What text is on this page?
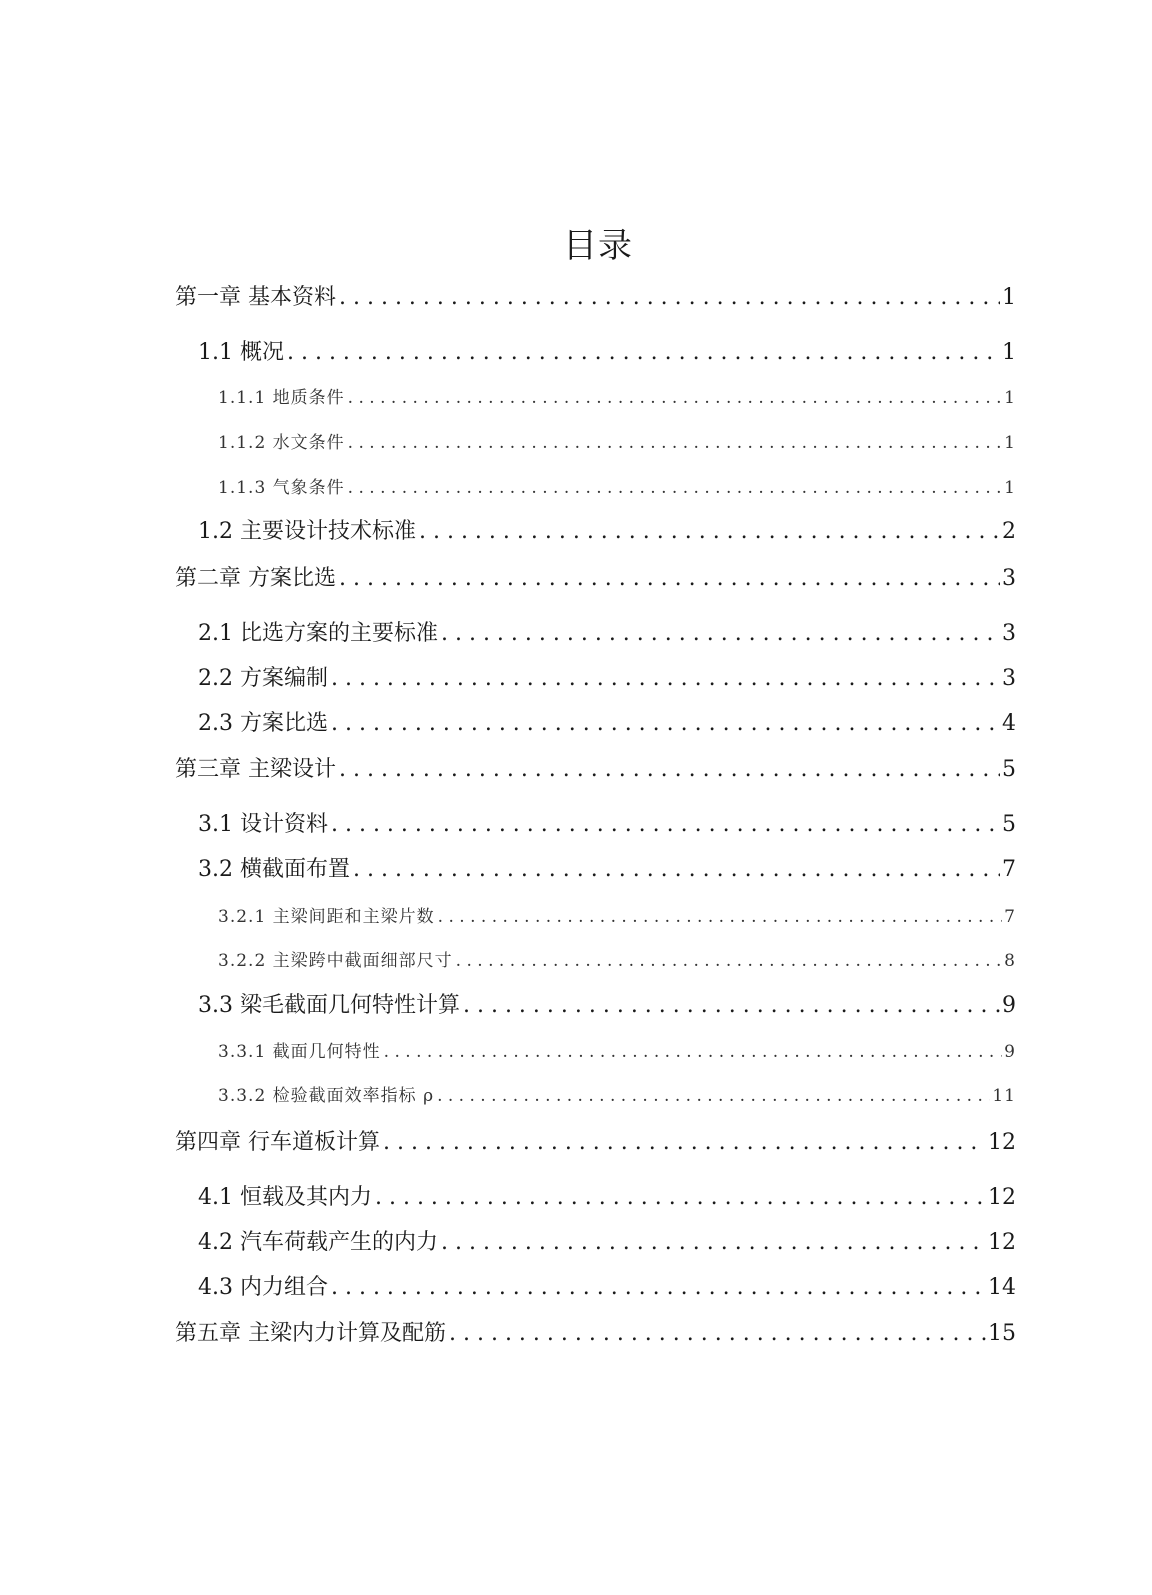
目录
第一章 基本资料 . . .	1
1.1 概况 . . .	1
1.1.1 地质条件 . . .	1
1.1.2 水文条件 . . .	1
1.1.3 气象条件 . . .	1
1.2 主要设计技术标准 . . .	2
第二章 方案比选 . . .	3
2.1 比选方案的主要标准 . . .	3
2.2 方案编制 . . .	3
2.3 方案比选 . . .	4
第三章 主梁设计 . . .	5
3.1 设计资料 . . .	5
3.2 横截面布置 . . .	7
3.2.1 主梁间距和主梁片数 . . .	7
3.2.2 主梁跨中截面细部尺寸 . . .	8
3.3 梁毛截面几何特性计算 . . .	9
3.3.1 截面几何特性 . . .	9
3.3.2 检验截面效率指标 ρ . . .	11
第四章 行车道板计算 . . .	12
4.1 恒载及其内力 . . .	12
4.2 汽车荷载产生的内力 . . .	12
4.3 内力组合 . . .	14
第五章 主梁内力计算及配筋 . . .	15
